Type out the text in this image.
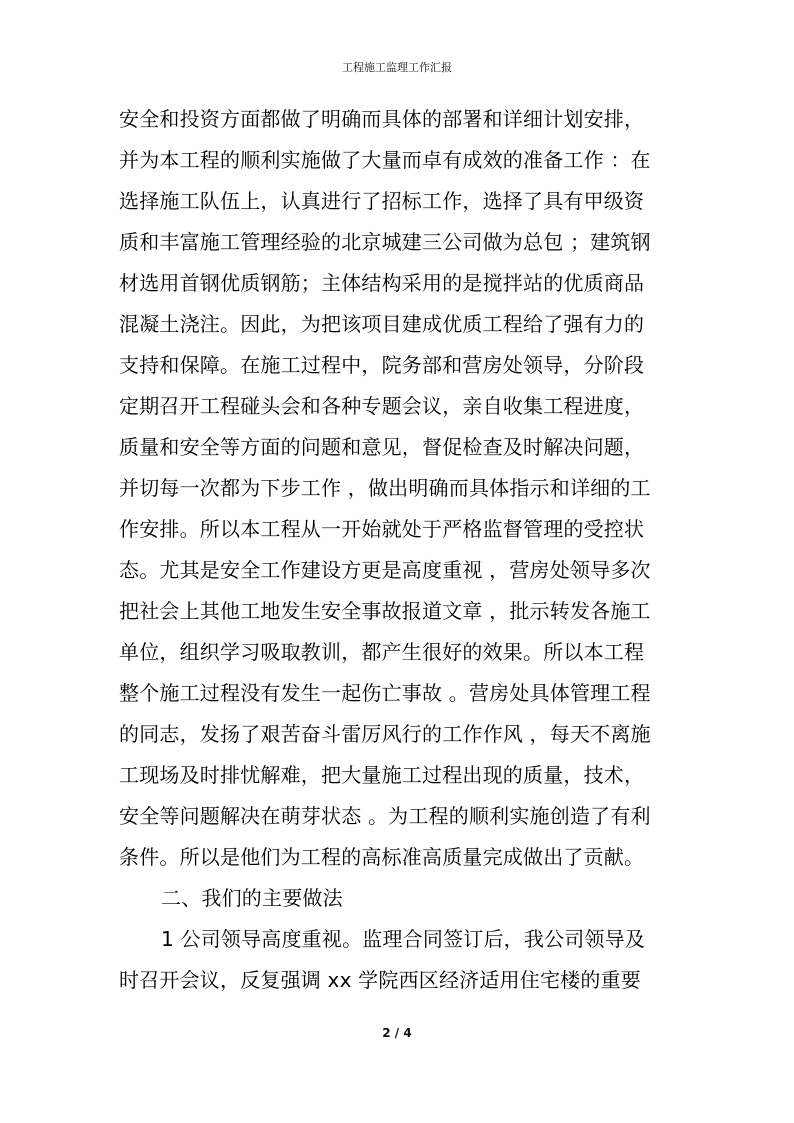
工程施工监理工作汇报
安全和投资方面都做了明确而具体的部署和详细计划安排，
并为本工程的顺利实施做了大量而卓有成效的准备工作 ：在
选择施工队伍上，认真进行了招标工作，选择了具有甲级资
质和丰富施工管理经验的北京城建三公司做为总包 ；建筑钢
材选用首钢优质钢筋；主体结构采用的是搅拌站的优质商品
混凝土浇注。因此，为把该项目建成优质工程给了强有力的
支持和保障。在施工过程中，院务部和营房处领导，分阶段
定期召开工程碰头会和各种专题会议，亲自收集工程进度，
质量和安全等方面的问题和意见，督促检查及时解决问题，
并切每一次都为下步工作 ，做出明确而具体指示和详细的工
作安排。所以本工程从一开始就处于严格监督管理的受控状
态。尤其是安全工作建设方更是高度重视 ，营房处领导多次
把社会上其他工地发生安全事故报道文章 ，批示转发各施工
单位，组织学习吸取教训，都产生很好的效果。所以本工程
整个施工过程没有发生一起伤亡事故 。营房处具体管理工程
的同志，发扬了艰苦奋斗雷厉风行的工作作风 ，每天不离施
工现场及时排忧解难，把大量施工过程出现的质量，技术，
安全等问题解决在萌芽状态 。为工程的顺利实施创造了有利
条件。所以是他们为工程的高标准高质量完成做出了贡献。
二、我们的主要做法
1 公司领导高度重视。监理合同签订后，我公司领导及
时召开会议，反复强调 xx 学院西区经济适用住宅楼的重要
2 / 4
